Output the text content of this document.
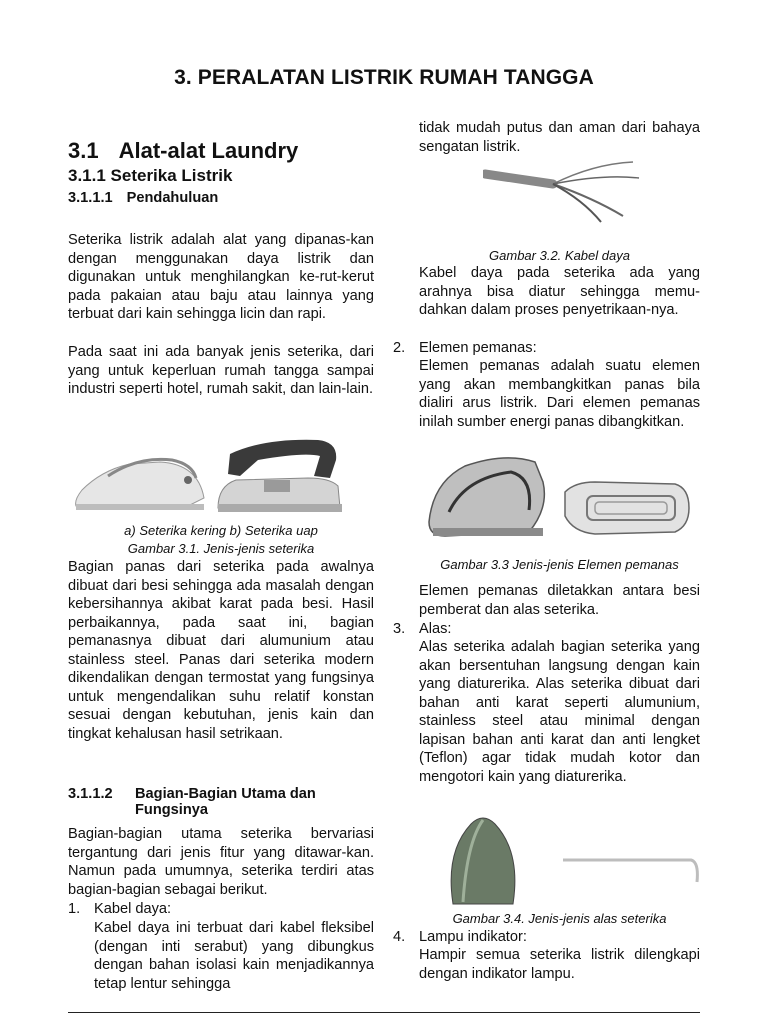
3. PERALATAN LISTRIK RUMAH TANGGA
3.1 Alat-alat Laundry
3.1.1 Seterika Listrik
3.1.1.1 Pendahuluan

Seterika listrik adalah alat yang dipanas-kan dengan menggunakan daya listrik dan digunakan untuk menghilangkan ke-rut-kerut pada pakaian atau baju atau lainnya yang terbuat dari kain sehingga licin dan rapi.

Pada saat ini ada banyak jenis seterika, dari yang untuk keperluan rumah tangga sampai industri seperti hotel, rumah sakit, dan lain-lain.

a) Seterika kering b) Seterika uap
Gambar 3.1. Jenis-jenis seterika

Bagian panas dari seterika pada awalnya dibuat dari besi sehingga ada masalah dengan kebersihannya akibat karat pada besi. Hasil perbaikannya, pada saat ini, bagian pemanasnya dibuat dari alumunium atau stainless steel. Panas dari seterika modern dikendalikan dengan termostat yang fungsinya untuk mengendalikan suhu relatif konstan sesuai dengan kebutuhan, jenis kain dan tingkat kehalusan hasil setrikaan.

3.1.1.2 Bagian-Bagian Utama dan
Fungsinya

Bagian-bagian utama seterika bervariasi tergantung dari jenis fitur yang ditawar-kan. Namun pada umumnya, seterika terdiri atas bagian-bagian sebagai berikut.

1. Kabel daya:

Kabel daya ini terbuat dari kabel fleksibel (dengan inti serabut) yang dibungkus dengan bahan isolasi kain menjadikannya tetap lentur sehingga

tidak mudah putus dan aman dari bahaya sengatan listrik.

Gambar 3.2. Kabel daya

Kabel daya pada seterika ada yang arahnya bisa diatur sehingga memu-dahkan dalam proses penyetrikaan-nya.

2. Elemen pemanas:

Elemen pemanas adalah suatu elemen yang akan membangkitkan panas bila dialiri arus listrik. Dari elemen pemanas inilah sumber energi panas dibangkitkan.

Gambar 3.3 Jenis-jenis Elemen pemanas

Elemen pemanas diletakkan antara besi pemberat dan alas seterika.

3. Alas:

Alas seterika adalah bagian seterika yang akan bersentuhan langsung dengan kain yang diaturerika. Alas seterika dibuat dari bahan anti karat seperti alumunium, stainless steel atau minimal dengan lapisan bahan anti karat dan anti lengket (Teflon) agar tidak mudah kotor dan mengotori kain yang diaturerika.

Gambar 3.4. Jenis-jenis alas seterika
4. Lampu indikator:

Hampir semua seterika listrik dilengkapi dengan indikator lampu.
